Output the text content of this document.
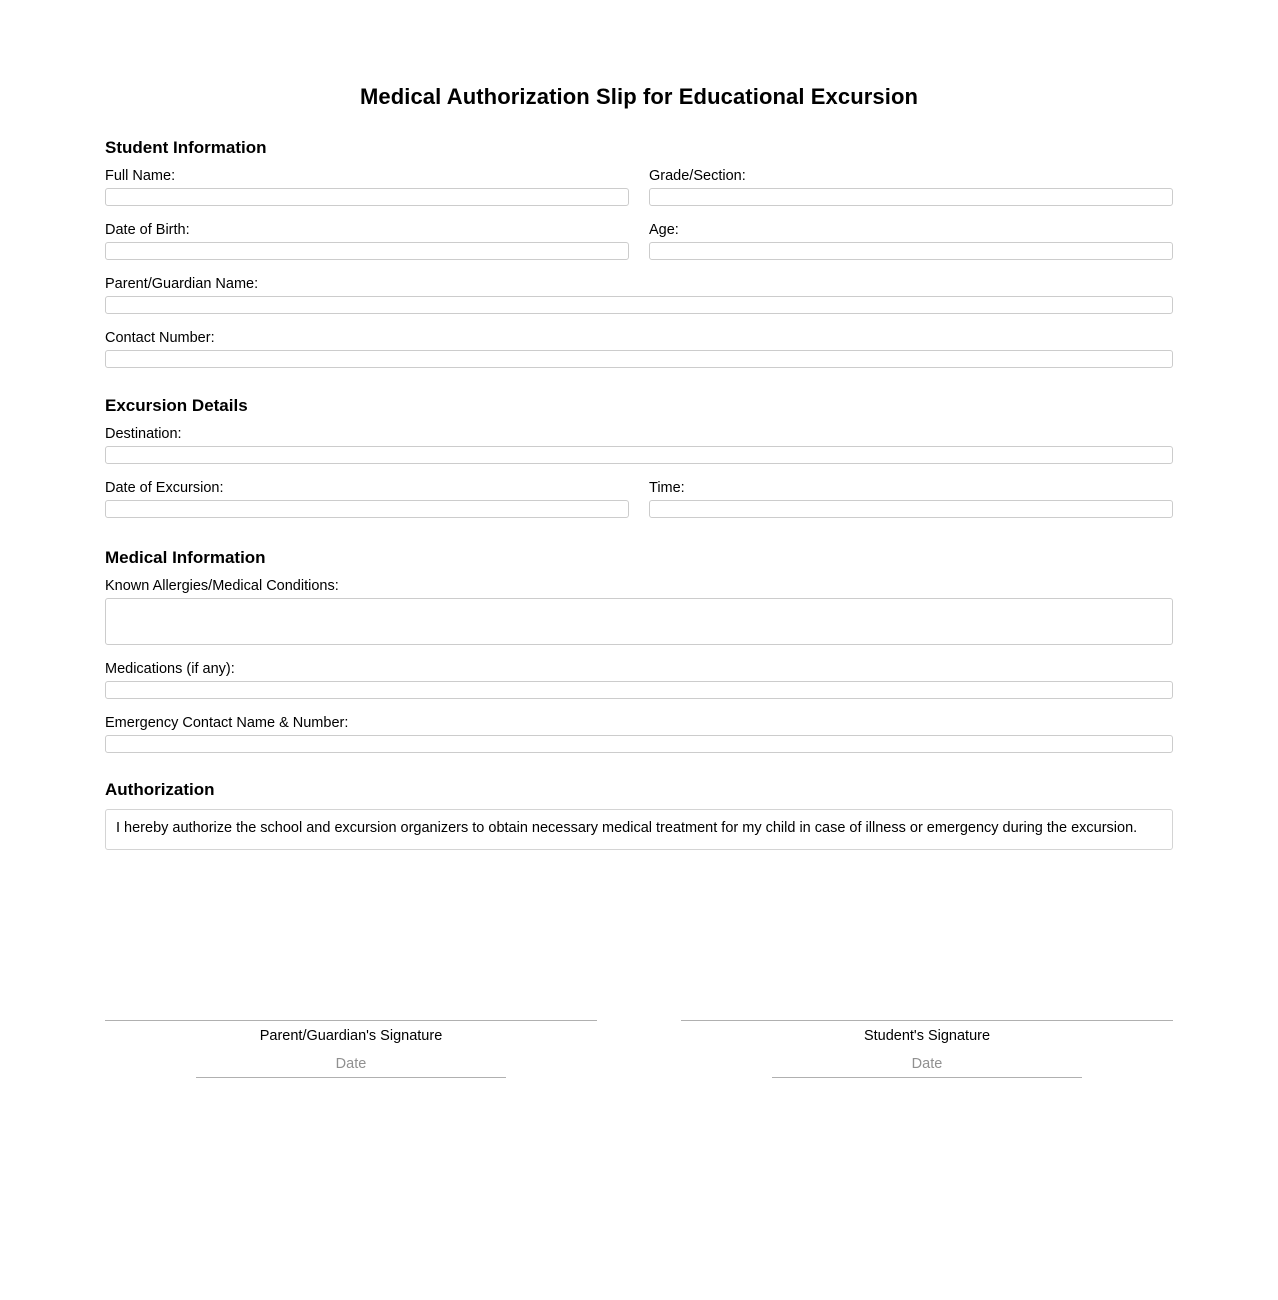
Medical Authorization Slip for Educational Excursion
Student Information
Full Name:	Grade/Section:
Date of Birth:	Age:
Parent/Guardian Name:
Contact Number:
Excursion Details
Destination:
Date of Excursion:	Time:
Medical Information
Known Allergies/Medical Conditions:
Medications (if any):
Emergency Contact Name & Number:
Authorization
I hereby authorize the school and excursion organizers to obtain necessary medical treatment for my child in case of illness or emergency during the excursion.
Parent/Guardian's Signature
Date
Student's Signature
Date
